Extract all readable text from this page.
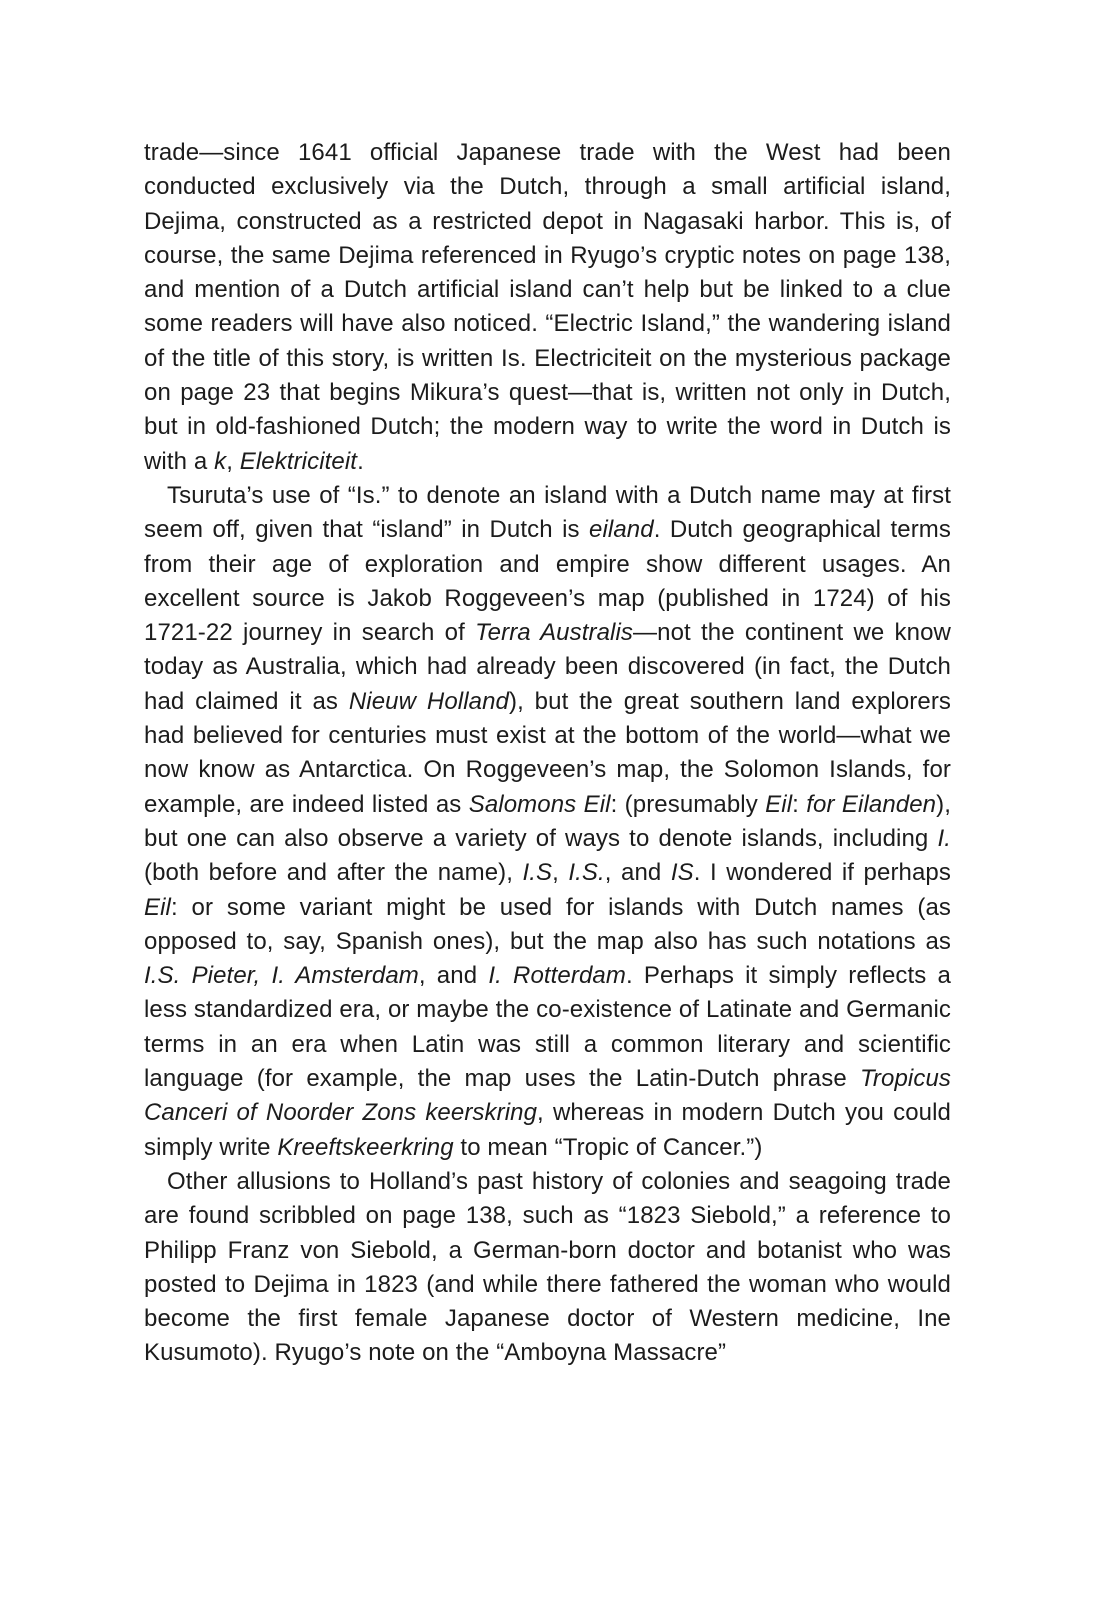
trade—since 1641 official Japanese trade with the West had been conducted exclusively via the Dutch, through a small artificial island, Dejima, constructed as a restricted depot in Nagasaki harbor. This is, of course, the same Dejima referenced in Ryugo’s cryptic notes on page 138, and mention of a Dutch artificial island can’t help but be linked to a clue some readers will have also noticed. “Electric Island,” the wandering island of the title of this story, is written Is. Electriciteit on the mysterious package on page 23 that begins Mikura’s quest—that is, written not only in Dutch, but in old-fashioned Dutch; the modern way to write the word in Dutch is with a k, Elektriciteit.

Tsuruta’s use of “Is.” to denote an island with a Dutch name may at first seem off, given that “island” in Dutch is eiland. Dutch geographical terms from their age of exploration and empire show different usages. An excellent source is Jakob Roggeveen’s map (published in 1724) of his 1721-22 journey in search of Terra Australis—not the continent we know today as Australia, which had already been discovered (in fact, the Dutch had claimed it as Nieuw Holland), but the great southern land explorers had believed for centuries must exist at the bottom of the world—what we now know as Antarctica. On Roggeveen’s map, the Solomon Islands, for example, are indeed listed as Salomons Eil: (presumably Eil: for Eilanden), but one can also observe a variety of ways to denote islands, including I. (both before and after the name), I.S, I.S., and IS. I wondered if perhaps Eil: or some variant might be used for islands with Dutch names (as opposed to, say, Spanish ones), but the map also has such notations as I.S. Pieter, I. Amsterdam, and I. Rotterdam. Perhaps it simply reflects a less standardized era, or maybe the co-existence of Latinate and Germanic terms in an era when Latin was still a common literary and scientific language (for example, the map uses the Latin-Dutch phrase Tropicus Canceri of Noorder Zons keerskring, whereas in modern Dutch you could simply write Kreeftskeerkring to mean “Tropic of Cancer.”)

Other allusions to Holland’s past history of colonies and seagoing trade are found scribbled on page 138, such as “1823 Siebold,” a reference to Philipp Franz von Siebold, a German-born doctor and botanist who was posted to Dejima in 1823 (and while there fathered the woman who would become the first female Japanese doctor of Western medicine, Ine Kusumoto). Ryugo’s note on the “Amboyna Massacre”
